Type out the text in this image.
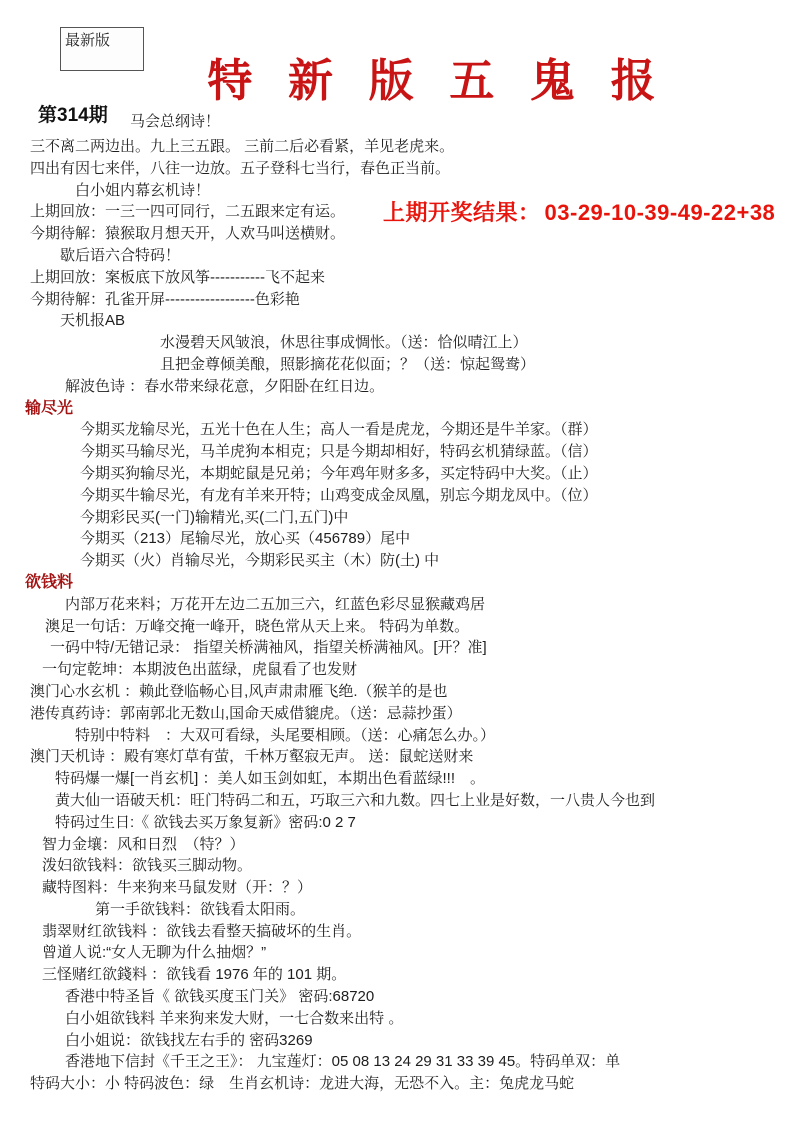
最新版
特 新 版 五 鬼 报
第314期 马会总纲诗！
上期开奖结果： 03-29-10-39-49-22+38
三不离二两边出。九上三五跟。 三前二后必看紧，羊见老虎来。
四出有因七来伴，八往一边放。五子登科七当行，春色正当前。
白小姐内幕玄机诗！
上期回放：一三一四可同行，二五跟来定有运。
今期待解：猿猴取月想天开，人欢马叫送横财。
歇后语六合特码！
上期回放：案板底下放风筝-----------飞不起来
今期待解：孔雀开屏------------------色彩艳
天机报AB
水漫碧天风皱浪，休思往事成惆怅。（送：恰似晴江上）
且把金尊倾美酿，照影摘花花似面；？（送：惊起鸳鸯）
解波色诗 ：春水带来绿花意，夕阳卧在红日边。
输尽光
今期买龙输尽光，五光十色在人生；高人一看是虎龙，今期还是牛羊家。（群）
今期买马输尽光，马羊虎狗本相克；只是今期却相好，特码玄机猜绿蓝。（信）
今期买狗输尽光，本期蛇鼠是兄弟；今年鸡年财多多，买定特码中大奖。（止）
今期买牛输尽光，有龙有羊来开特；山鸡变成金凤凰，别忘今期龙凤中。（位）
今期彩民买(一门)输精光,买(二门,五门)中
今期买（213）尾输尽光，放心买（456789）尾中
今期买（火）肖输尽光，今期彩民买主（木）防(土) 中
欲钱料
内部万花来料；万花开左边二五加三六，红蓝色彩尽显猴藏鸡居
澳足一句话：万峰交掩一峰开，晓色常从天上来。 特码为单数。
一码中特/无错记录： 指望关桥满袖风，指望关桥满袖风。[开？准]
一句定乾坤：本期波色出蓝绿，虎鼠看了也发财
澳门心水玄机 ：赖此登临畅心目,风声肃肃雁飞绝.（猴羊的是也
港传真药诗：郭南郭北无数山,国命天威借貔虎。（送：忌蒜抄蛋）
特别中特料　：大双可看绿，头尾要相顾。（送：心痛怎么办。）
澳门天机诗 ：殿有寒灯草有萤，千林万壑寂无声。 送：鼠蛇送财来
特码爆一爆[一肖玄机] ：美人如玉剑如虹，本期出色看蓝绿!!!　。
黄大仙一语破天机：旺门特码二和五，巧取三六和九数。四七上业是好数，一八贵人今也到
特码过生日:《 欲钱去买万象复新》密码:0 2 7
智力金壤：风和日烈　（特？）
泼妇欲钱料：欲钱买三脚动物。
藏特图料：牛来狗来马鼠发财（开：？）
第一手欲钱料：欲钱看太阳雨。
翡翠财红欲钱料 ：欲钱去看整天搞破坏的生肖。
曾道人说:“女人无聊为什么抽烟？”
三怪赌红欲錢料 ：欲钱看 1976 年的 101 期。
香港中特圣旨《 欲钱买度玉门关》 密码:68720
白小姐欲钱料 羊来狗来发大财，一七合数来出特 。
白小姐说：欲钱找左右手的 密码3269
香港地下信封《千王之王》： 九宝莲灯：05 08 13 24 29 31 33 39 45。特码单双：单
特码大小：小 特码波色：绿　生肖玄机诗：龙进大海，无恐不入。主：兔虎龙马蛇
